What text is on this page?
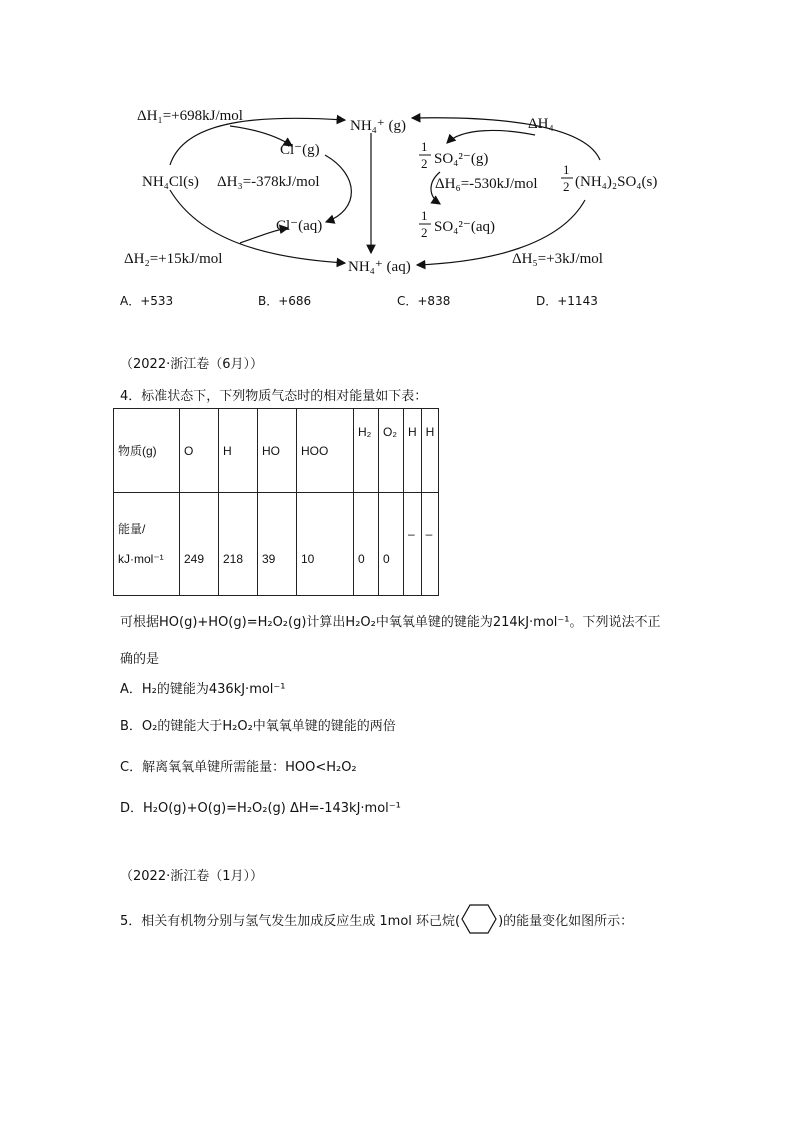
ΔH₁=+698kJ/mol
NH₄⁺ (g)
Cl⁻(g)
NH₄Cl(s) ΔH₃=-378kJ/mol
Cl⁻(aq)
ΔH₂=+15kJ/mol	NH₄⁺ (aq)
ΔH₄
1
2 SO₄²⁻(g)
ΔH₆=-530kJ/mol
1
2 (NH₄)₂SO₄(s)
1
2 SO₄²⁻(aq)
ΔH₅=+3kJ/mol
A．+533	B．+686	C．+838	D．+1143
（2022·浙江卷（6月））
4．标准状态下，下列物质气态时的相对能量如下表：
物质(g)	O	H	HO	HOO	H₂	O₂	H	H
能量/
kJ·mol⁻¹	249	218	39	10	0	0	–	–
可根据HO(g)+HO(g)=H₂O₂(g)计算出H₂O₂中氧氧单键的键能为214kJ·mol⁻¹。下列说法不正
确的是
A．H₂的键能为436kJ·mol⁻¹
B．O₂的键能大于H₂O₂中氧氧单键的键能的两倍
C．解离氧氧单键所需能量：HOO<H₂O₂
D．H₂O(g)+O(g)=H₂O₂(g) ΔH=-143kJ·mol⁻¹
（2022·浙江卷（1月））
5．相关有机物分别与氢气发生加成反应生成 1mol 环己烷(	)的能量变化如图所示：
